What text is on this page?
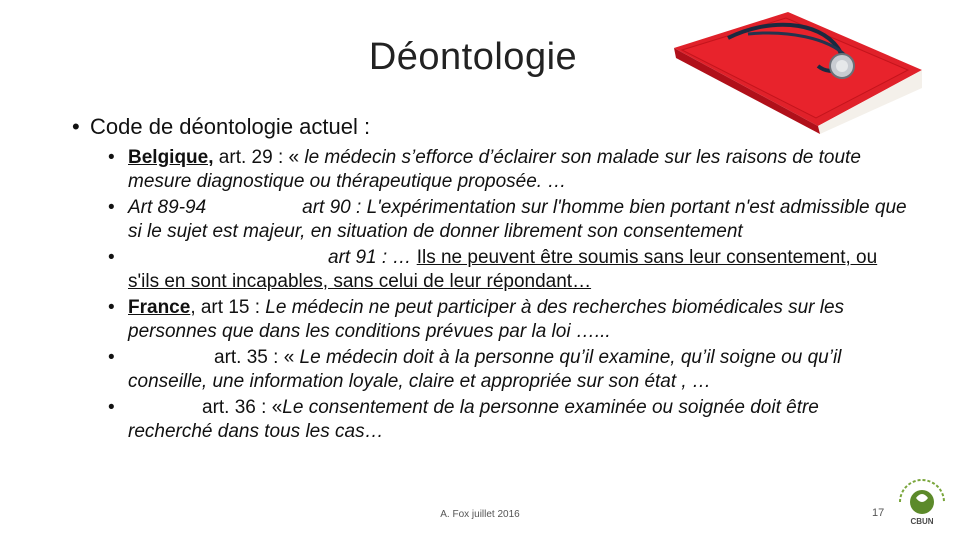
Déontologie
• Code de déontologie actuel :
• Belgique, art. 29 : « le médecin s’efforce d’éclairer son malade sur les raisons de toute mesure diagnostique ou thérapeutique proposée. …
• Art 89-94	art 90 : L'expérimentation sur l'homme bien portant n'est admissible que si le sujet est majeur, en situation de donner librement son consentement
•	art 91 : … Ils ne peuvent être soumis sans leur consentement, ou s'ils en sont incapables, sans celui de leur répondant…
• France, art 15 : Le médecin ne peut participer à des recherches biomédicales sur les personnes que dans les conditions prévues par la loi …...
•	art. 35 : « Le médecin doit à la personne qu’il examine, qu’il soigne ou qu’il conseille, une information loyale, claire et appropriée sur son état , …
•	art. 36 : «Le consentement de la personne examinée ou soignée doit être recherché dans tous les cas…
A. Fox juillet 2016	17
CBUN
